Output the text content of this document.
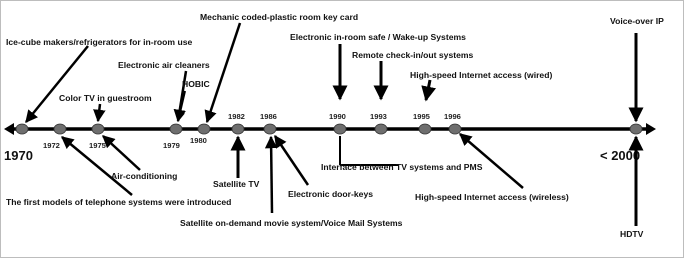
1970	< 2000
1972	1975	1979
1980
1982 1986	1990	1993	1995 1996
Ice-cube makers/refrigerators for in-room use
Mechanic coded-plastic room key card	Voice-over IP
Electronic in-room safe / Wake-up Systems
Remote check-in/out systems
Electronic air cleaners
HOBIC
Color TV in guestroom
High-speed Internet access (wired)
Air-conditioning
Satellite TV
Interface between TV systems and PMS
The first models of telephone systems were introduced
Electronic door-keys	High-speed Internet access (wireless)
Satellite on-demand movie system/Voice Mail Systems
HDTV
